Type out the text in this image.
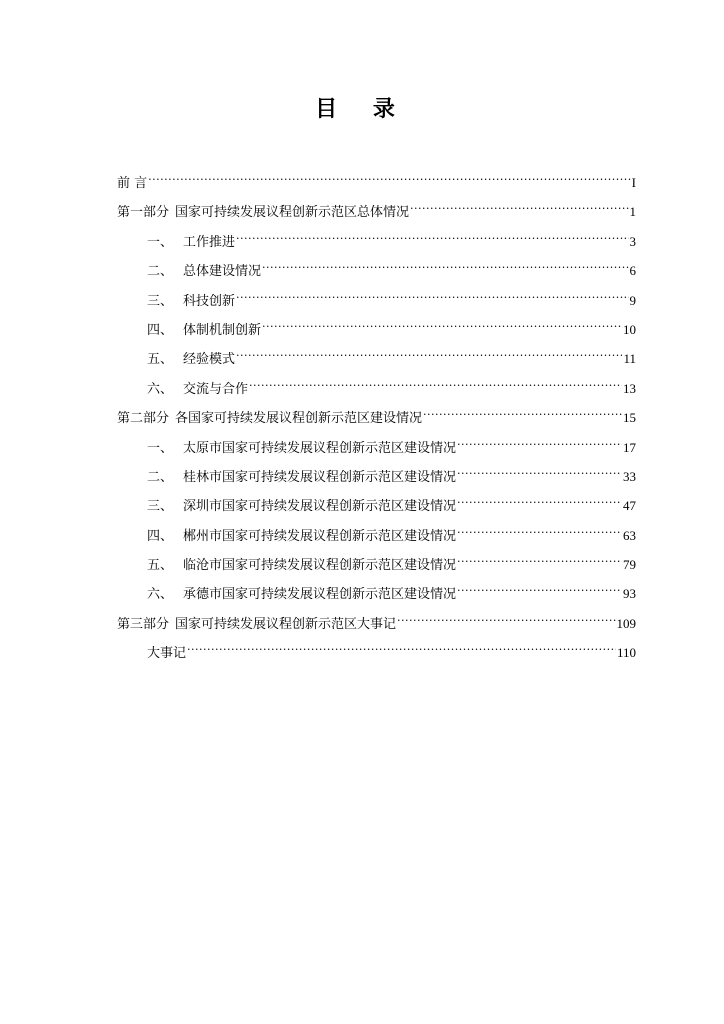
目 录
前 言 .....	I
第一部分 国家可持续发展议程创新示范区总体情况 .....	1
一、 工作推进 .....	3
二、 总体建设情况 .....	6
三、 科技创新 .....	9
四、 体制机制创新 .....	10
五、 经验模式 .....	11
六、 交流与合作 .....	13
第二部分 各国家可持续发展议程创新示范区建设情况 .....	15
一、 太原市国家可持续发展议程创新示范区建设情况 .....	17
二、 桂林市国家可持续发展议程创新示范区建设情况 .....	33
三、 深圳市国家可持续发展议程创新示范区建设情况 .....	47
四、 郴州市国家可持续发展议程创新示范区建设情况 .....	63
五、 临沧市国家可持续发展议程创新示范区建设情况 .....	79
六、 承德市国家可持续发展议程创新示范区建设情况 .....	93
第三部分 国家可持续发展议程创新示范区大事记 .....	109
大事记 .....	110
